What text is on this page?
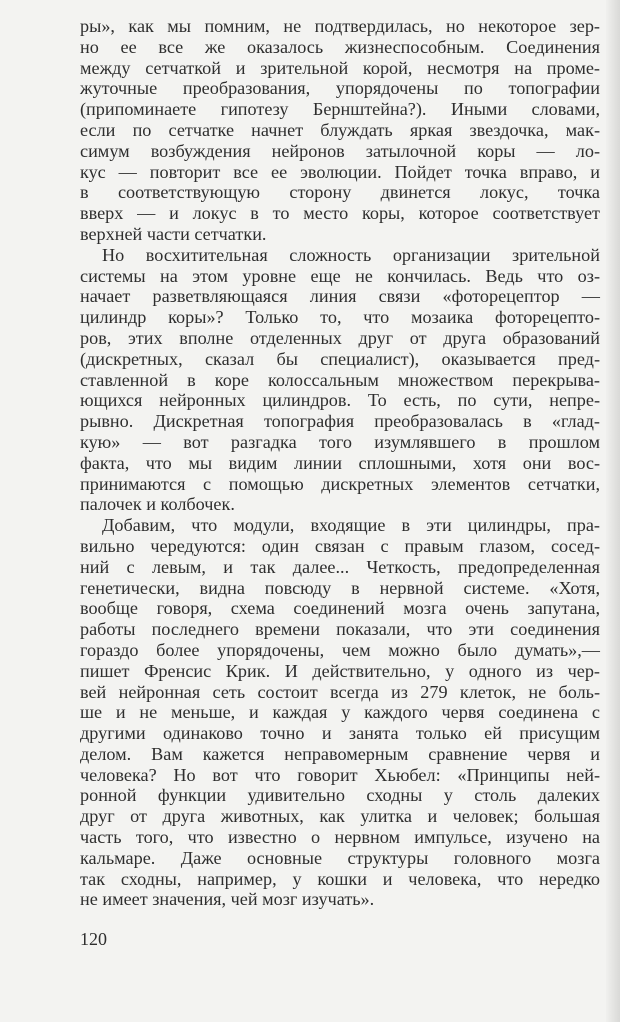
ры», как мы помним, не подтвердилась, но некоторое зер-
но ее все же оказалось жизнеспособным. Соединения
между сетчаткой и зрительной корой, несмотря на проме-
жуточные преобразования, упорядочены по топографии
(припоминаете гипотезу Бернштейна?). Иными словами,
если по сетчатке начнет блуждать яркая звездочка, мак-
симум возбуждения нейронов затылочной коры — ло-
кус — повторит все ее эволюции. Пойдет точка вправо, и
в соответствующую сторону двинется локус, точка
вверх — и локус в то место коры, которое соответствует
верхней части сетчатки.
Но восхитительная сложность организации зрительной
системы на этом уровне еще не кончилась. Ведь что оз-
начает разветвляющаяся линия связи «фоторецептор —
цилиндр коры»? Только то, что мозаика фоторецепто-
ров, этих вполне отделенных друг от друга образований
(дискретных, сказал бы специалист), оказывается пред-
ставленной в коре колоссальным множеством перекрыва-
ющихся нейронных цилиндров. То есть, по сути, непре-
рывно. Дискретная топография преобразовалась в «глад-
кую» — вот разгадка того изумлявшего в прошлом
факта, что мы видим линии сплошными, хотя они вос-
принимаются с помощью дискретных элементов сетчатки,
палочек и колбочек.
Добавим, что модули, входящие в эти цилиндры, пра-
вильно чередуются: один связан с правым глазом, сосед-
ний с левым, и так далее... Четкость, предопределенная
генетически, видна повсюду в нервной системе. «Хотя,
вообще говоря, схема соединений мозга очень запутана,
работы последнего времени показали, что эти соединения
гораздо более упорядочены, чем можно было думать»,—
пишет Френсис Крик. И действительно, у одного из чер-
вей нейронная сеть состоит всегда из 279 клеток, не боль-
ше и не меньше, и каждая у каждого червя соединена с
другими одинаково точно и занята только ей присущим
делом. Вам кажется неправомерным сравнение червя и
человека? Но вот что говорит Хьюбел: «Принципы ней-
ронной функции удивительно сходны у столь далеких
друг от друга животных, как улитка и человек; большая
часть того, что известно о нервном импульсе, изучено на
кальмаре. Даже основные структуры головного мозга
так сходны, например, у кошки и человека, что нередко
не имеет значения, чей мозг изучать».
120
